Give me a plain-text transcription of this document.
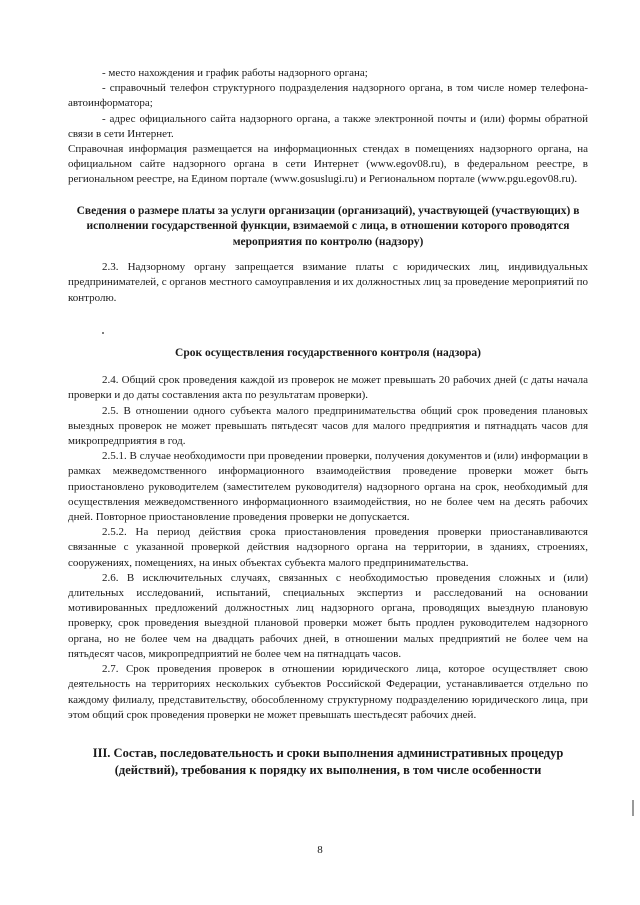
- место нахождения и график работы надзорного органа;

- справочный телефон структурного подразделения надзорного органа, в том числе номер телефона-автоинформатора;

- адрес официального сайта надзорного органа, а также электронной почты и (или) формы обратной связи в сети Интернет.

Справочная информация размещается на информационных стендах в помещениях надзорного органа, на официальном сайте надзорного органа в сети Интернет (www.egov08.ru), в федеральном реестре, в региональном реестре, на Едином портале (www.gosuslugi.ru) и Региональном портале (www.pgu.egov08.ru).

Сведения о размере платы за услуги организации (организаций), участвующей (участвующих) в исполнении государственной функции, взимаемой с лица, в отношении которого проводятся мероприятия по контролю (надзору)

2.3. Надзорному органу запрещается взимание платы с юридических лиц, индивидуальных предпринимателей, с органов местного самоуправления и их должностных лиц за проведение мероприятий по контролю.

Срок осуществления государственного контроля (надзора)

2.4. Общий срок проведения каждой из проверок не может превышать 20 рабочих дней (с даты начала проверки и до даты составления акта по результатам проверки).

2.5. В отношении одного субъекта малого предпринимательства общий срок проведения плановых выездных проверок не может превышать пятьдесят часов для малого предприятия и пятнадцать часов для микропредприятия в год.

2.5.1. В случае необходимости при проведении проверки, получения документов и (или) информации в рамках межведомственного информационного взаимодействия проведение проверки может быть приостановлено руководителем (заместителем руководителя) надзорного органа на срок, необходимый для осуществления межведомственного информационного взаимодействия, но не более чем на десять рабочих дней. Повторное приостановление проведения проверки не допускается.

2.5.2. На период действия срока приостановления проведения проверки приостанавливаются связанные с указанной проверкой действия надзорного органа на территории, в зданиях, строениях, сооружениях, помещениях, на иных объектах субъекта малого предпринимательства.

2.6. В исключительных случаях, связанных с необходимостью проведения сложных и (или) длительных исследований, испытаний, специальных экспертиз и расследований на основании мотивированных предложений должностных лиц надзорного органа, проводящих выездную плановую проверку, срок проведения выездной плановой проверки может быть продлен руководителем надзорного органа, но не более чем на двадцать рабочих дней, в отношении малых предприятий не более чем на пятьдесят часов, микропредприятий не более чем на пятнадцать часов.

2.7. Срок проведения проверок в отношении юридического лица, которое осуществляет свою деятельность на территориях нескольких субъектов Российской Федерации, устанавливается отдельно по каждому филиалу, представительству, обособленному структурному подразделению юридического лица, при этом общий срок проведения проверки не может превышать шестьдесят рабочих дней.

III. Состав, последовательность и сроки выполнения административных процедур (действий), требования к порядку их выполнения, в том числе особенности
8
